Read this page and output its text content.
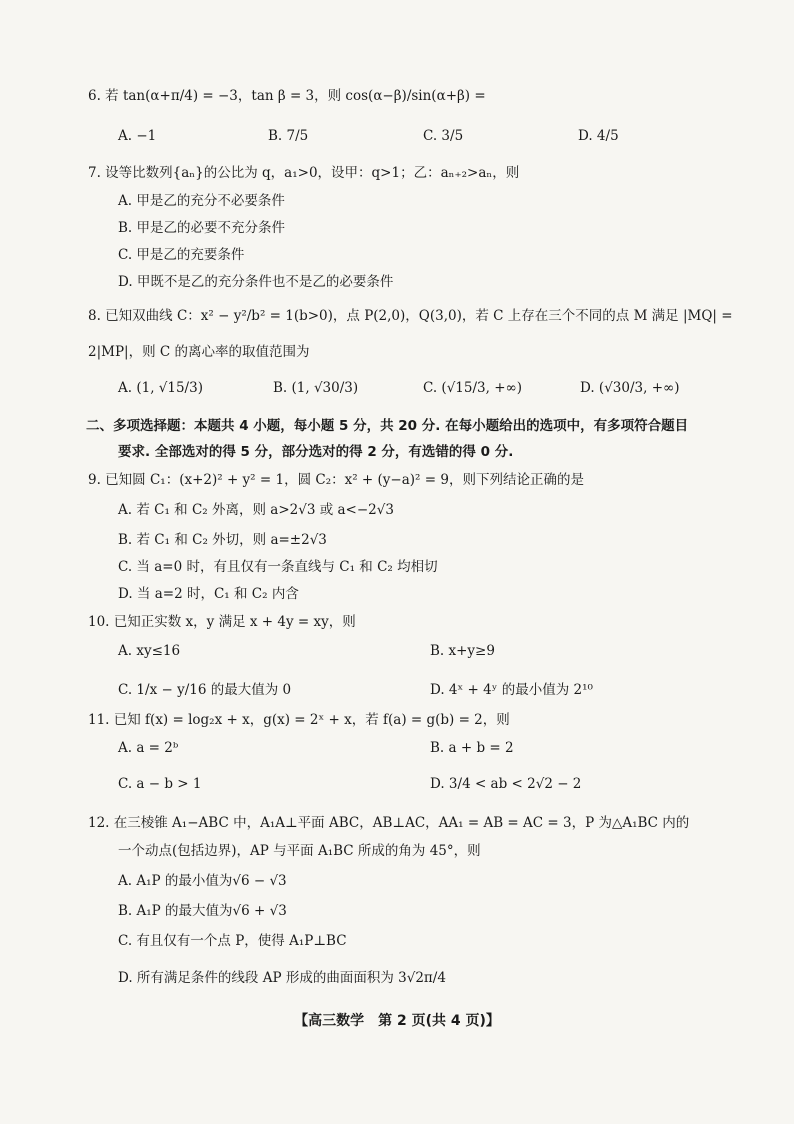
6. 若 tan(α+π/4) = −3，tan β = 3，则 cos(α−β)/sin(α+β) =
A. −1	B. 7/5	C. 3/5	D. 4/5
7. 设等比数列{aₙ}的公比为 q，a₁>0，设甲：q>1；乙：aₙ₊₂>aₙ，则
A. 甲是乙的充分不必要条件
B. 甲是乙的必要不充分条件
C. 甲是乙的充要条件
D. 甲既不是乙的充分条件也不是乙的必要条件
8. 已知双曲线 C：x² − y²/b² = 1(b>0)，点 P(2,0)，Q(3,0)，若 C 上存在三个不同的点 M 满足 |MQ| =
2|MP|，则 C 的离心率的取值范围为
A. (1, √15/3)	B. (1, √30/3)	C. (√15/3, +∞)	D. (√30/3, +∞)
二、多项选择题：本题共 4 小题，每小题 5 分，共 20 分. 在每小题给出的选项中，有多项符合题目
要求. 全部选对的得 5 分，部分选对的得 2 分，有选错的得 0 分.
9. 已知圆 C₁：(x+2)² + y² = 1，圆 C₂：x² + (y−a)² = 9，则下列结论正确的是
A. 若 C₁ 和 C₂ 外离，则 a>2√3 或 a<−2√3
B. 若 C₁ 和 C₂ 外切，则 a=±2√3
C. 当 a=0 时，有且仅有一条直线与 C₁ 和 C₂ 均相切
D. 当 a=2 时，C₁ 和 C₂ 内含
10. 已知正实数 x，y 满足 x + 4y = xy，则
A. xy≤16	B. x+y≥9
C. 1/x − y/16 的最大值为 0	D. 4ˣ + 4ʸ 的最小值为 2¹⁰
11. 已知 f(x) = log₂x + x，g(x) = 2ˣ + x，若 f(a) = g(b) = 2，则
A. a = 2ᵇ	B. a + b = 2
C. a − b > 1	D. 3/4 < ab < 2√2 − 2
12. 在三棱锥 A₁−ABC 中，A₁A⊥平面 ABC，AB⊥AC，AA₁ = AB = AC = 3，P 为△A₁BC 内的
一个动点(包括边界)，AP 与平面 A₁BC 所成的角为 45°，则
A. A₁P 的最小值为√6 − √3
B. A₁P 的最大值为√6 + √3
C. 有且仅有一个点 P，使得 A₁P⊥BC
D. 所有满足条件的线段 AP 形成的曲面面积为 3√2π/4
【高三数学　第 2 页(共 4 页)】
